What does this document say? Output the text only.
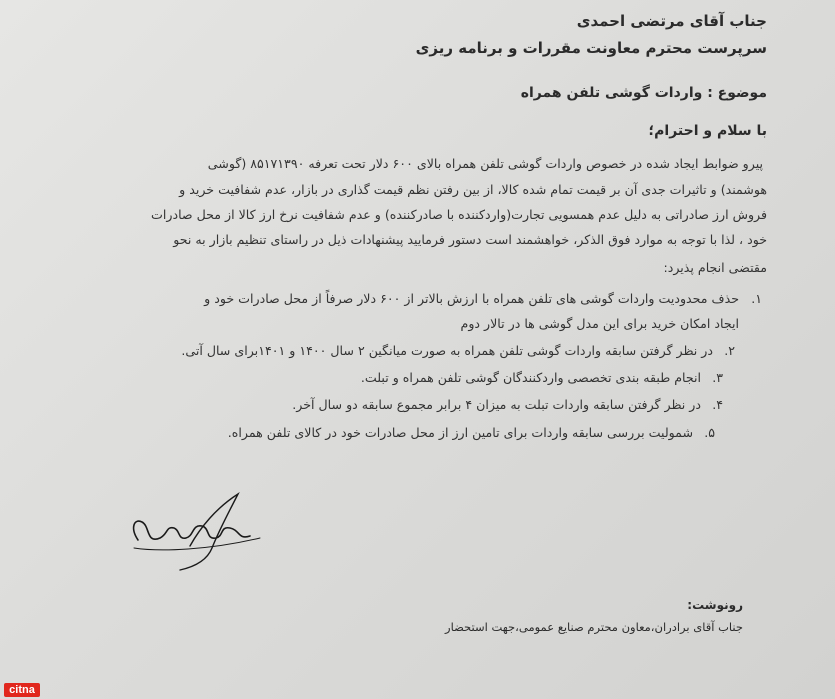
جناب آقای مرتضی احمدی
سرپرست محترم معاونت مقررات و برنامه ریزی
موضوع : واردات گوشی تلفن همراه
با سلام و احترام؛
پیرو ضوابط ایجاد شده در خصوص واردات گوشی تلفن همراه بالای ۶۰۰ دلار تحت تعرفه ۸۵۱۷۱۳۹۰ (گوشی
هوشمند) و تاثیرات جدی آن بر قیمت تمام شده کالا، از بین رفتن نظم قیمت گذاری در بازار، عدم شفافیت خرید و
فروش ارز صادراتی به دلیل عدم همسویی تجارت(واردکننده با صادرکننده) و عدم شفافیت نرخ ارز کالا از محل صادرات
خود ، لذا با توجه به موارد فوق الذکر، خواهشمند است دستور فرمایید پیشنهادات ذیل در راستای تنظیم بازار به نحو
مقتضی انجام پذیرد:
۱.
حذف محدودیت واردات گوشی های تلفن همراه با ارزش بالاتر از ۶۰۰ دلار صرفاً از محل صادرات خود و
ایجاد امکان خرید برای این مدل گوشی ها در تالار دوم
۲.
در نظر گرفتن سابقه واردات گوشی تلفن همراه به صورت میانگین ۲ سال ۱۴۰۰ و ۱۴۰۱برای سال آتی.
۳.
انجام طبقه بندی تخصصی واردکنندگان گوشی تلفن همراه و تبلت.
۴.
در نظر گرفتن سابقه واردات تبلت به میزان ۴ برابر مجموع سابقه دو سال آخر.
۵.
شمولیت بررسی سابقه واردات برای تامین ارز از محل صادرات خود در کالای تلفن همراه.
رونوشت:
جناب آقای برادران،معاون محترم صنایع عمومی،جهت استحضار
citna
